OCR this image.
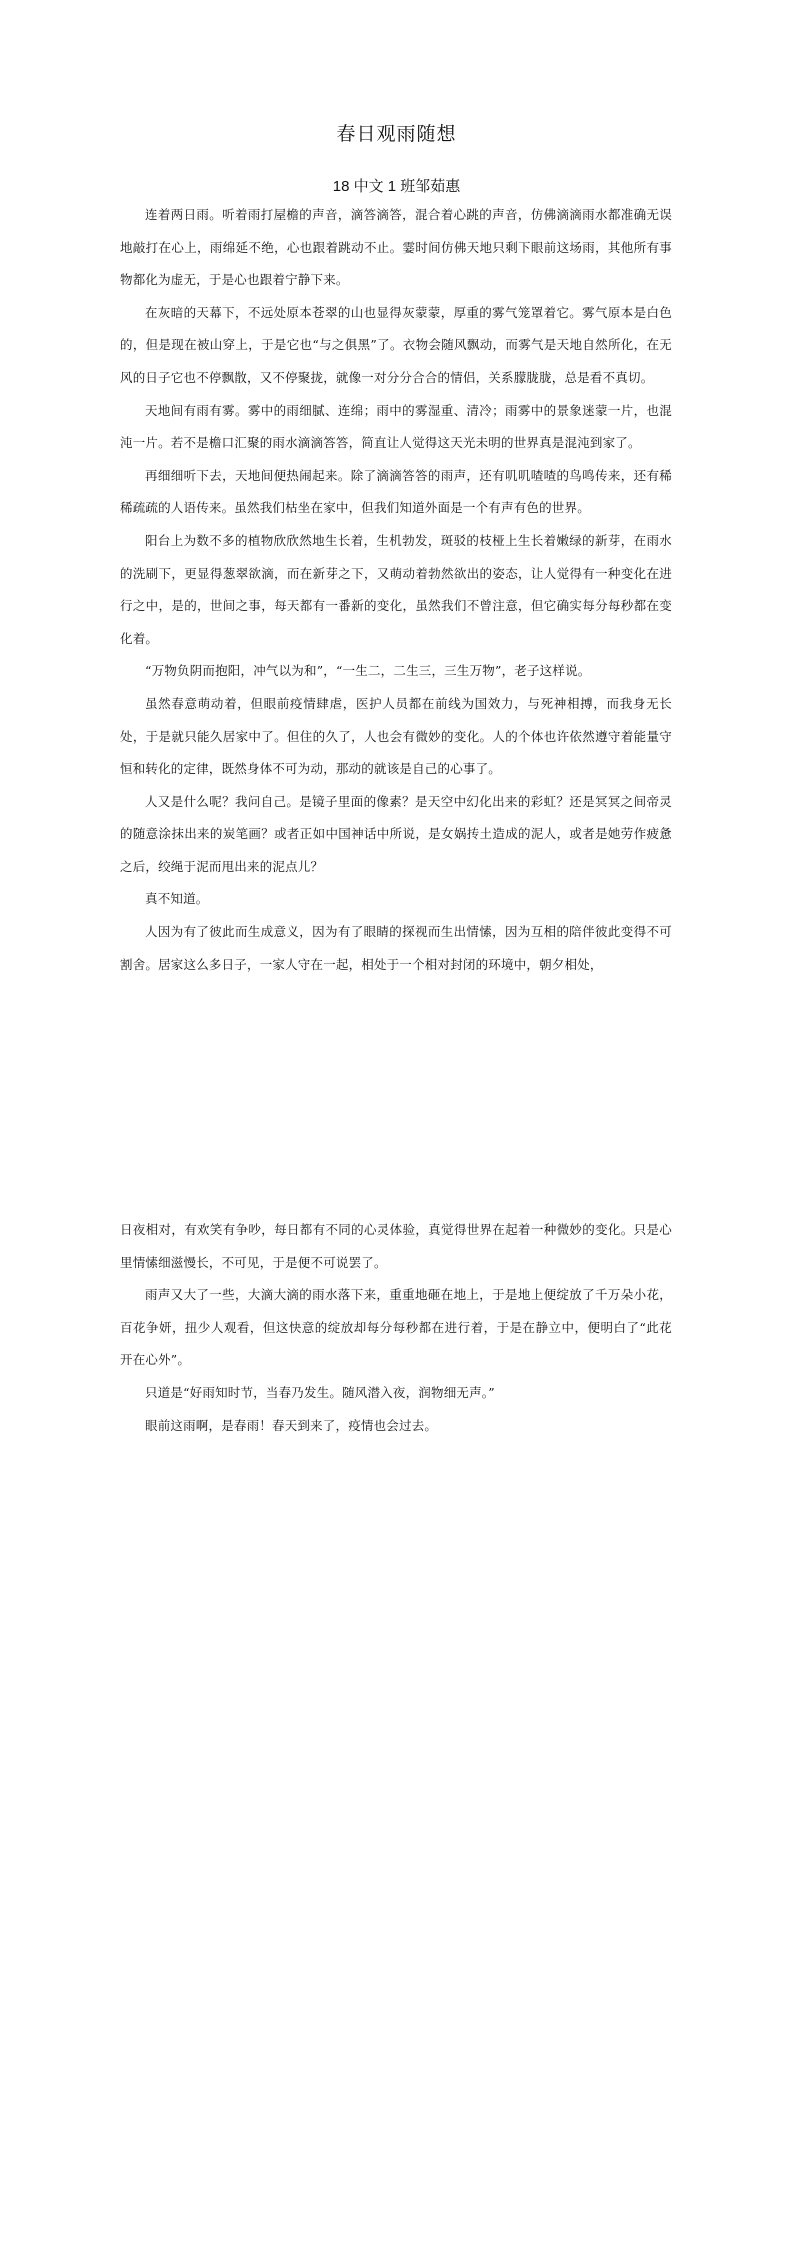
春日观雨随想
18 中文 1 班邹茹惠

连着两日雨。听着雨打屋檐的声音，滴答滴答，混合着心跳的声音，仿佛滴滴雨水都准确无误地敲打在心上，雨绵延不绝，心也跟着跳动不止。霎时间仿佛天地只剩下眼前这场雨，其他所有事物都化为虚无，于是心也跟着宁静下来。

在灰暗的天幕下，不远处原本苍翠的山也显得灰蒙蒙，厚重的雾气笼罩着它。雾气原本是白色的，但是现在被山穿上，于是它也“与之俱黑”了。衣物会随风飘动，而雾气是天地自然所化，在无风的日子它也不停飘散，又不停聚拢，就像一对分分合合的情侣，关系朦胧胧，总是看不真切。

天地间有雨有雾。雾中的雨细腻、连绵；雨中的雾湿重、清冷；雨雾中的景象迷蒙一片，也混沌一片。若不是檐口汇聚的雨水滴滴答答，简直让人觉得这天光未明的世界真是混沌到家了。

再细细听下去，天地间便热闹起来。除了滴滴答答的雨声，还有叽叽喳喳的鸟鸣传来，还有稀稀疏疏的人语传来。虽然我们枯坐在家中，但我们知道外面是一个有声有色的世界。

阳台上为数不多的植物欣欣然地生长着，生机勃发，斑驳的枝桠上生长着嫩绿的新芽，在雨水的洗刷下，更显得葱翠欲滴，而在新芽之下，又萌动着勃然欲出的姿态，让人觉得有一种变化在进行之中，是的，世间之事，每天都有一番新的变化，虽然我们不曾注意，但它确实每分每秒都在变化着。

“万物负阴而抱阳，冲气以为和”，“一生二，二生三，三生万物”，老子这样说。

虽然春意萌动着，但眼前疫情肆虐，医护人员都在前线为国效力，与死神相搏，而我身无长处，于是就只能久居家中了。但住的久了，人也会有微妙的变化。人的个体也许依然遵守着能量守恒和转化的定律，既然身体不可为动，那动的就该是自己的心事了。

人又是什么呢？我问自己。是镜子里面的像素？是天空中幻化出来的彩虹？还是冥冥之间帝灵的随意涂抹出来的炭笔画？或者正如中国神话中所说，是女娲抟土造成的泥人，或者是她劳作疲惫之后，绞绳于泥而甩出来的泥点儿？

真不知道。

人因为有了彼此而生成意义，因为有了眼睛的探视而生出情愫，因为互相的陪伴彼此变得不可割舍。居家这么多日子，一家人守在一起，相处于一个相对封闭的环境中，朝夕相处，

日夜相对，有欢笑有争吵，每日都有不同的心灵体验，真觉得世界在起着一种微妙的变化。只是心里情愫细滋慢长，不可见，于是便不可说罢了。

雨声又大了一些，大滴大滴的雨水落下来，重重地砸在地上，于是地上便绽放了千万朵小花，百花争妍，扭少人观看，但这快意的绽放却每分每秒都在进行着，于是在静立中，便明白了“此花开在心外”。

只道是“好雨知时节，当春乃发生。随风潜入夜，润物细无声。”

眼前这雨啊，是春雨！春天到来了，疫情也会过去。
